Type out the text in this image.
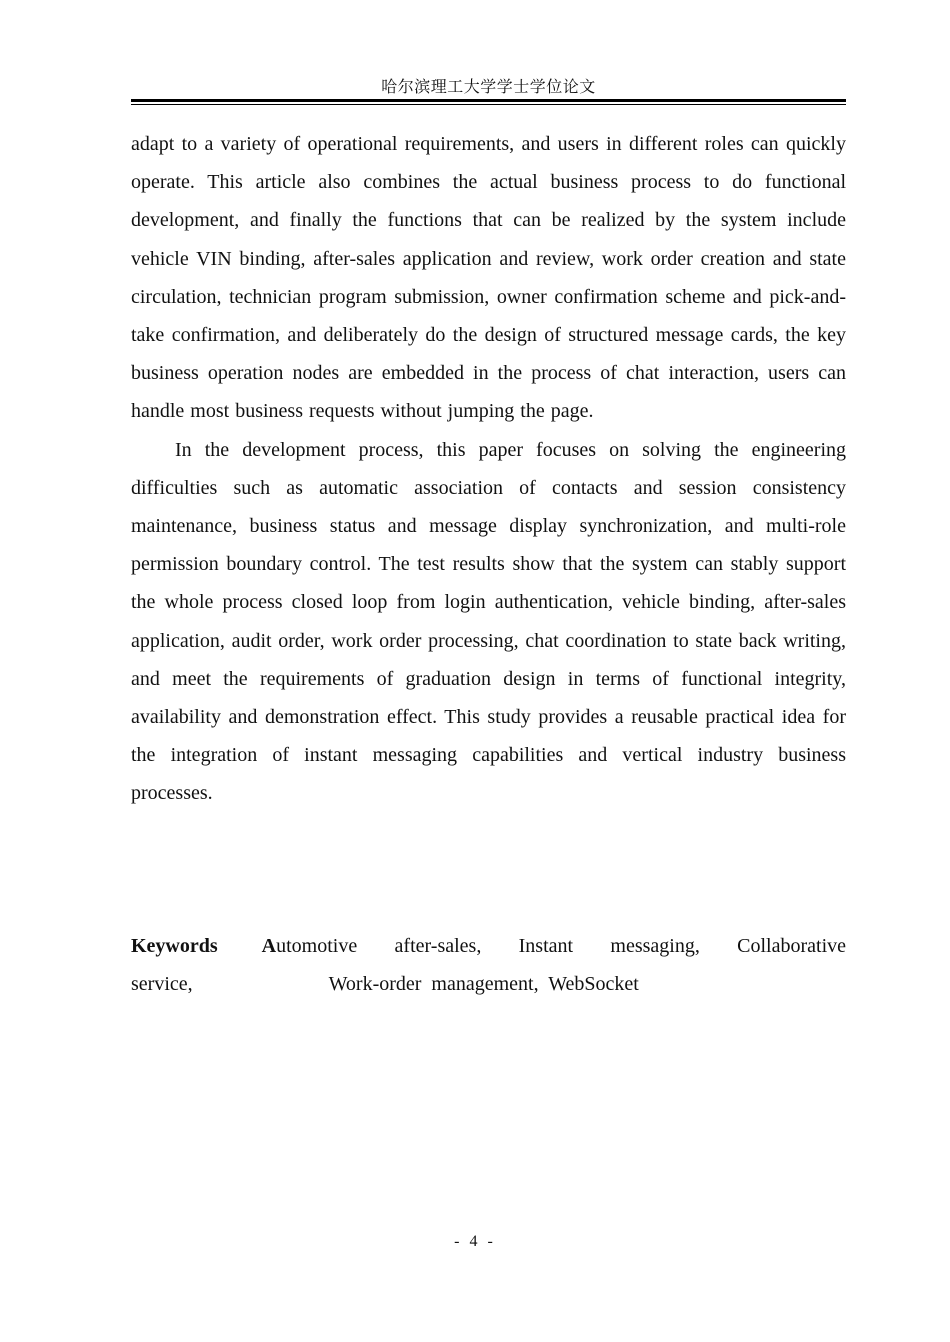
哈尔滨理工大学学士学位论文

adapt to a variety of operational requirements, and users in different roles can quickly operate. This article also combines the actual business process to do functional development, and finally the functions that can be realized by the system include vehicle VIN binding, after-sales application and review, work order creation and state circulation, technician program submission, owner confirmation scheme and pick-and-take confirmation, and deliberately do the design of structured message cards, the key business operation nodes are embedded in the process of chat interaction, users can handle most business requests without jumping the page.

In the development process, this paper focuses on solving the engineering difficulties such as automatic association of contacts and session consistency maintenance, business status and message display synchronization, and multi-role permission boundary control. The test results show that the system can stably support the whole process closed loop from login authentication, vehicle binding, after-sales application, audit order, work order processing, chat coordination to state back writing, and meet the requirements of graduation design in terms of functional integrity, availability and demonstration effect. This study provides a reusable practical idea for the integration of instant messaging capabilities and vertical industry business processes.

Keywords Automotive after-sales, Instant messaging, Collaborative
service,	Work-order  management,  WebSocket
- 4 -
